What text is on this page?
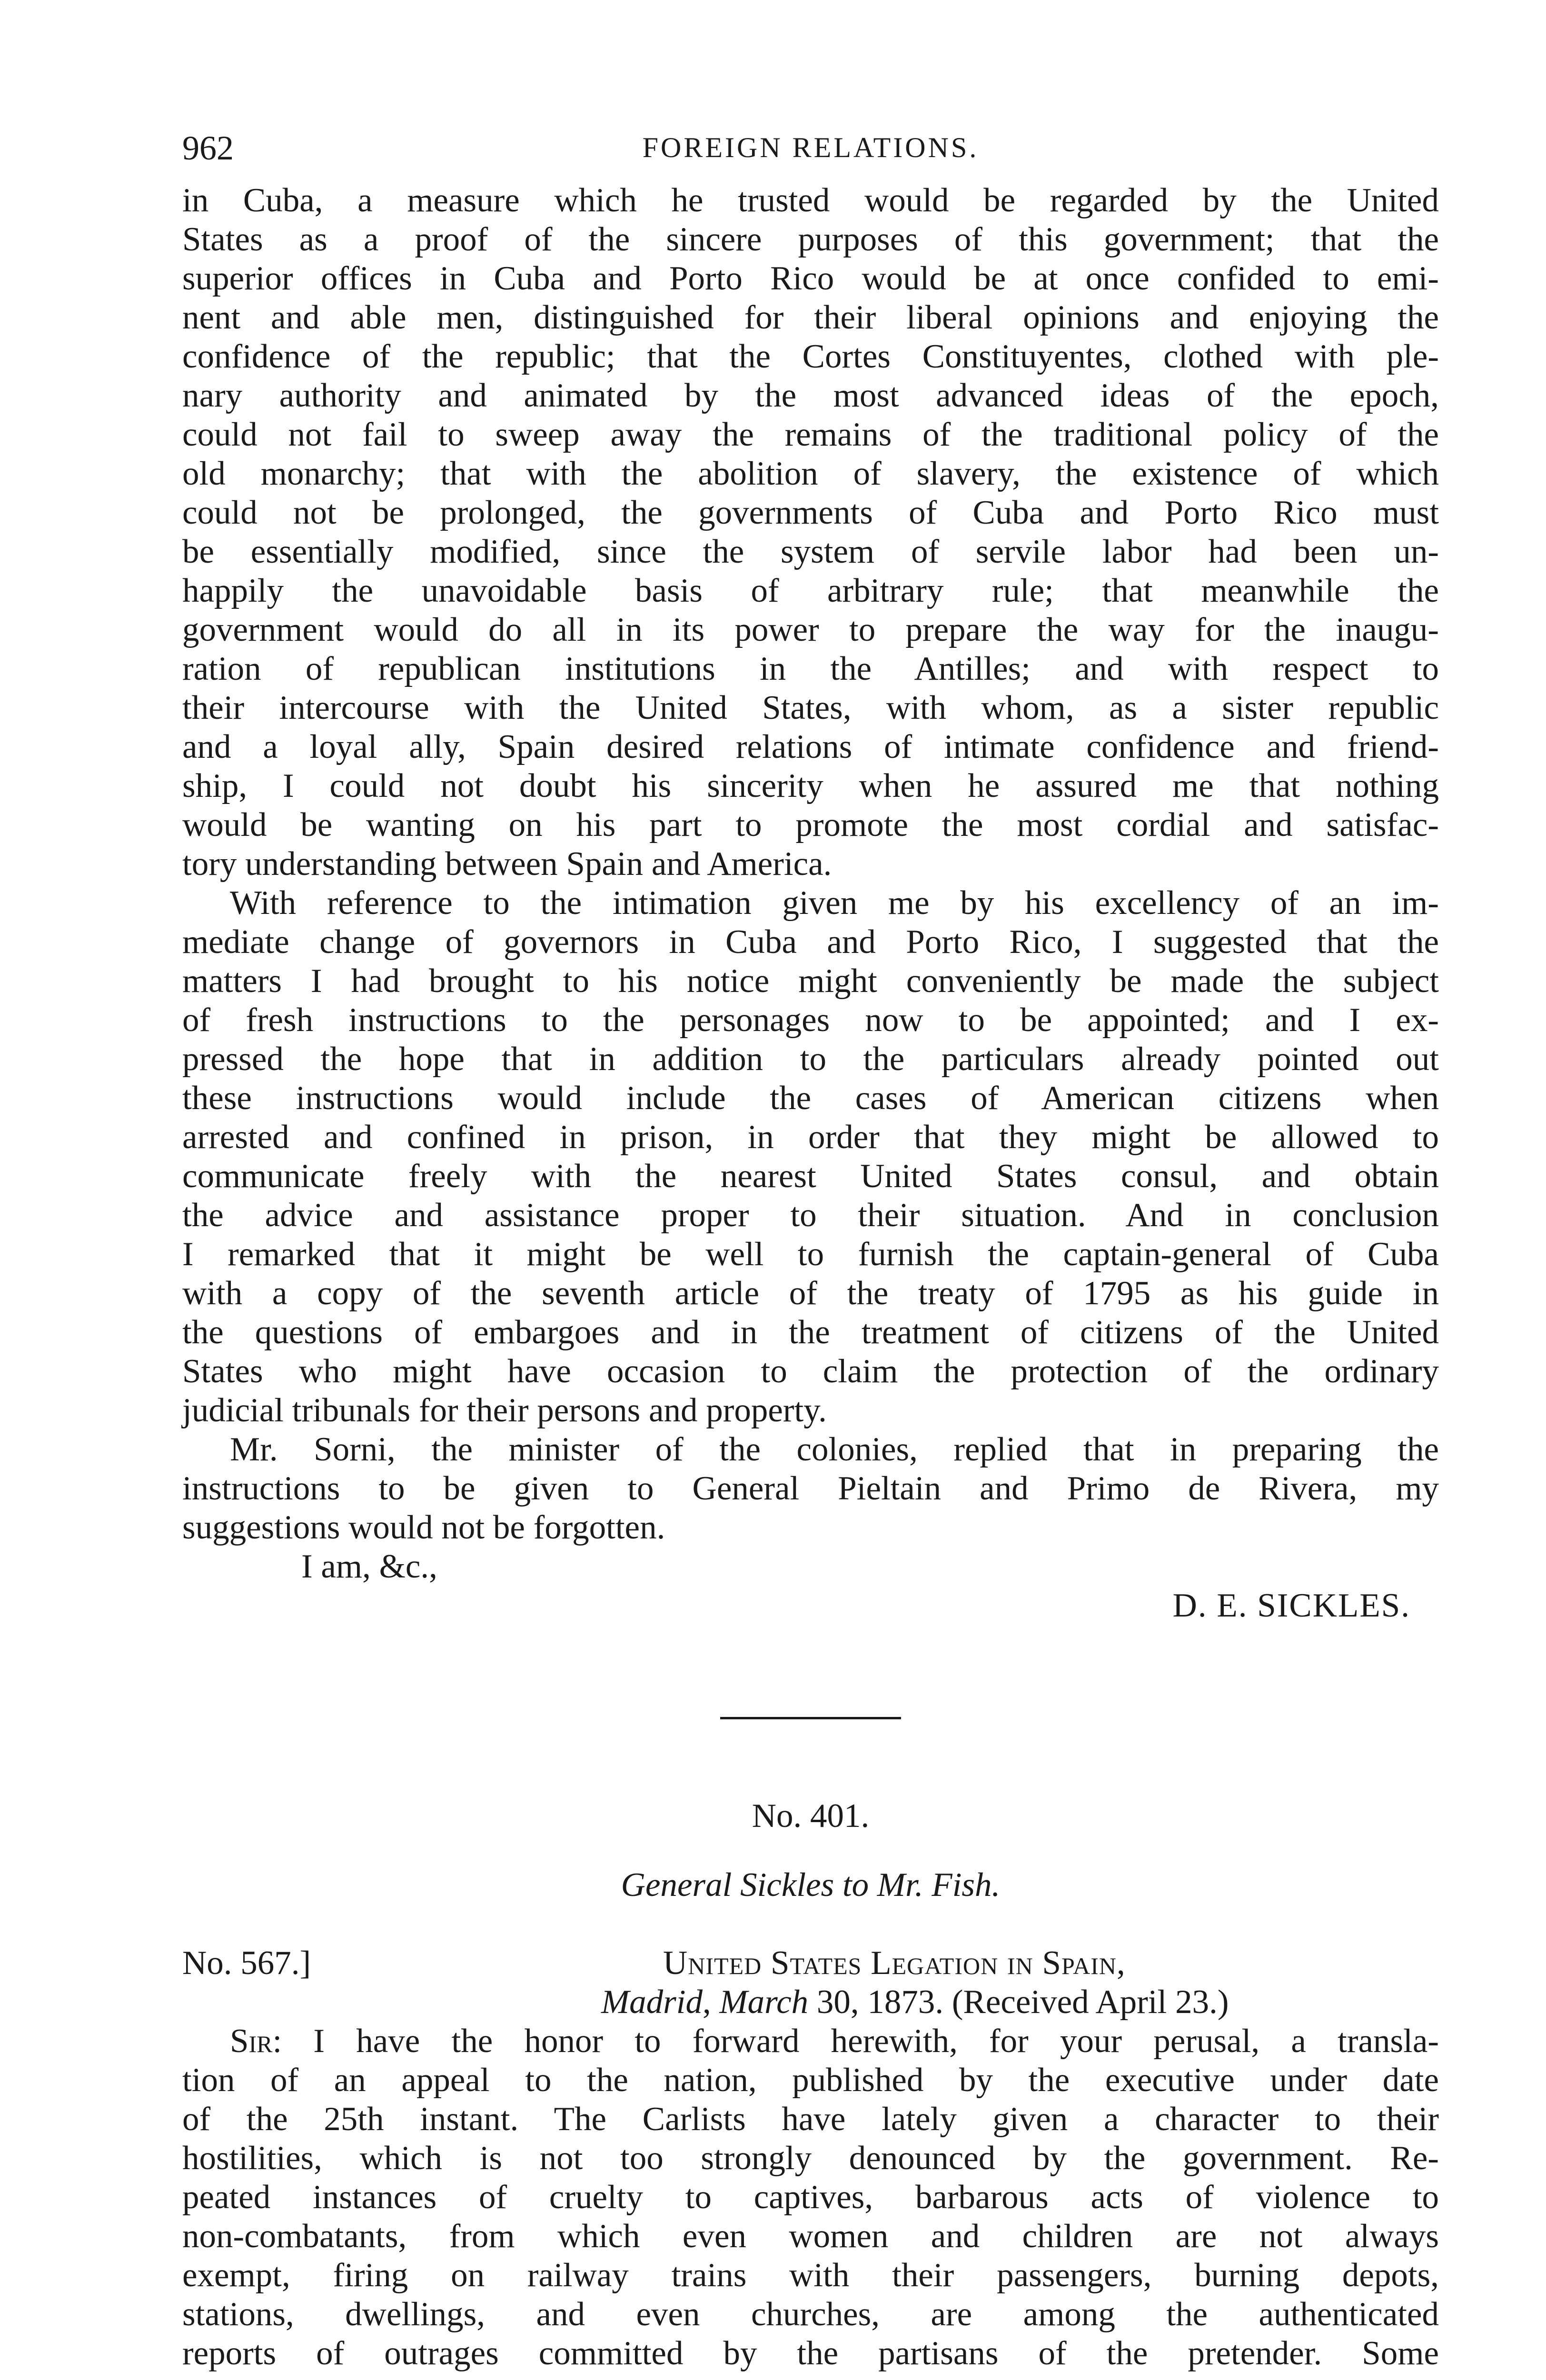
962	FOREIGN RELATIONS.
in Cuba, a measure which he trusted would be regarded by the United
States as a proof of the sincere purposes of this government; that the
superior offices in Cuba and Porto Rico would be at once confided to emi-
nent and able men, distinguished for their liberal opinions and enjoying the
confidence of the republic; that the Cortes Constituyentes, clothed with ple-
nary authority and animated by the most advanced ideas of the epoch,
could not fail to sweep away the remains of the traditional policy of the
old monarchy; that with the abolition of slavery, the existence of which
could not be prolonged, the governments of Cuba and Porto Rico must
be essentially modified, since the system of servile labor had been un-
happily the unavoidable basis of arbitrary rule; that meanwhile the
government would do all in its power to prepare the way for the inaugu-
ration of republican institutions in the Antilles; and with respect to
their intercourse with the United States, with whom, as a sister republic
and a loyal ally, Spain desired relations of intimate confidence and friend-
ship, I could not doubt his sincerity when he assured me that nothing
would be wanting on his part to promote the most cordial and satisfac-
tory understanding between Spain and America.
With reference to the intimation given me by his excellency of an im-
mediate change of governors in Cuba and Porto Rico, I suggested that the
matters I had brought to his notice might conveniently be made the subject
of fresh instructions to the personages now to be appointed; and I ex-
pressed the hope that in addition to the particulars already pointed out
these instructions would include the cases of American citizens when
arrested and confined in prison, in order that they might be allowed to
communicate freely with the nearest United States consul, and obtain
the advice and assistance proper to their situation. And in conclusion
I remarked that it might be well to furnish the captain-general of Cuba
with a copy of the seventh article of the treaty of 1795 as his guide in
the questions of embargoes and in the treatment of citizens of the United
States who might have occasion to claim the protection of the ordinary
judicial tribunals for their persons and property.
Mr. Sorni, the minister of the colonies, replied that in preparing the
instructions to be given to General Pieltain and Primo de Rivera, my
suggestions would not be forgotten.
I am, &c.,
D. E. SICKLES.
No. 401.
General Sickles to Mr. Fish.
No. 567.]	United States Legation in Spain,
Madrid, March 30, 1873. (Received April 23.)
Sir: I have the honor to forward herewith, for your perusal, a transla-
tion of an appeal to the nation, published by the executive under date
of the 25th instant. The Carlists have lately given a character to their
hostilities, which is not too strongly denounced by the government. Re-
peated instances of cruelty to captives, barbarous acts of violence to
non-combatants, from which even women and children are not always
exempt, firing on railway trains with their passengers, burning depots,
stations, dwellings, and even churches, are among the authenticated
reports of outrages committed by the partisans of the pretender. Some
